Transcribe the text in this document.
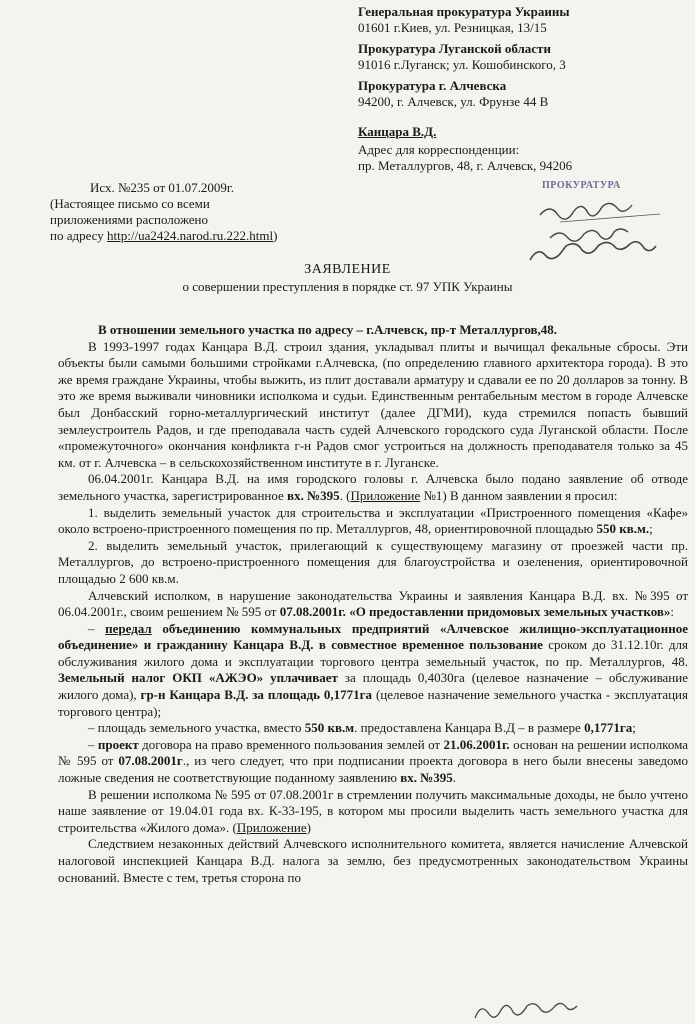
Генеральная прокуратура Украины
01601 г.Киев, ул. Резницкая, 13/15
Прокуратура Луганской области
91016 г.Луганск; ул. Кошобинского, 3
Прокуратура г. Алчевска
94200, г. Алчевск, ул. Фрунзе 44 В
Канцара В.Д.
Адрес для корреспонденции:
пр. Металлургов, 48, г. Алчевск, 94206
Исх. №235 от 01.07.2009г.
(Настоящее письмо со всеми
приложениями расположено
по адресу http://ua2424.narod.ru.222.html)
ПРОКУРАТУРА
ЗАЯВЛЕНИЕ
о совершении преступления в порядке ст. 97 УПК Украины

В отношении земельного участка по адресу – г.Алчевск, пр-т Металлургов,48.

В 1993-1997 годах Канцара В.Д. строил здания, укладывал плиты и вычищал фекальные сбросы. Эти объекты были самыми большими стройками г.Алчевска, (по определению главного архитектора города). В это же время граждане Украины, чтобы выжить, из плит доставали арматуру и сдавали ее по 20 долларов за тонну. В это же время выживали чиновники исполкома и судьи. Единственным рентабельным местом в городе Алчевске был Донбасский горно-металлургический институт (далее ДГМИ), куда стремился попасть бывший землеустроитель Радов, и где преподавала часть судей Алчевского городского суда Луганской области. После «промежуточного» окончания конфликта г-н Радов смог устроиться на должность преподавателя только за 45 км. от г. Алчевска – в сельскохозяйственном институте в г. Луганске.

06.04.2001г. Канцара В.Д. на имя городского головы г. Алчевска было подано заявление об отводе земельного участка, зарегистрированное вх. №395. (Приложение №1) В данном заявлении я просил:

1. выделить земельный участок для строительства и эксплуатации «Пристроенного помещения «Кафе» около встроено-пристроенного помещения по пр. Металлургов, 48, ориентировочной площадью 550 кв.м.;

2. выделить земельный участок, прилегающий к существующему магазину от проезжей части пр. Металлургов, до встроено-пристроенного помещения для благоустройства и озеленения, ориентировочной площадью 2 600 кв.м.

Алчевский исполком, в нарушение законодательства Украины и заявления Канцара В.Д. вх. №395 от 06.04.2001г., своим решением № 595 от 07.08.2001г. «О предоставлении придомовых земельных участков»:

– передал объединению коммунальных предприятий «Алчевское жилищно-эксплуатационное объединение» и гражданину Канцара В.Д. в совместное временное пользование сроком до 31.12.10г. для обслуживания жилого дома и эксплуатации торгового центра земельный участок, по пр. Металлургов, 48. Земельный налог ОКП «АЖЭО» уплачивает за площадь 0,4030га (целевое назначение – обслуживание жилого дома), гр-н Канцара В.Д. за площадь 0,1771га (целевое назначение земельного участка - эксплуатация торгового центра);

– площадь земельного участка, вместо 550 кв.м. предоставлена Канцара В.Д – в размере 0,1771га;

– проект договора на право временного пользования землей от 21.06.2001г. основан на решении исполкома № 595 от 07.08.2001г., из чего следует, что при подписании проекта договора в него были внесены заведомо ложные сведения не соответствующие поданному заявлению вх. №395.

В решении исполкома № 595 от 07.08.2001г в стремлении получить максимальные доходы, не было учтено наше заявление от 19.04.01 года вх. К-33-195, в котором мы просили выделить часть земельного участка для строительства «Жилого дома». (Приложение)

Следствием незаконных действий Алчевского исполнительного комитета, является начисление Алчевской налоговой инспекцией Канцара В.Д. налога за землю, без предусмотренных законодательством Украины оснований. Вместе с тем, третья сторона по
